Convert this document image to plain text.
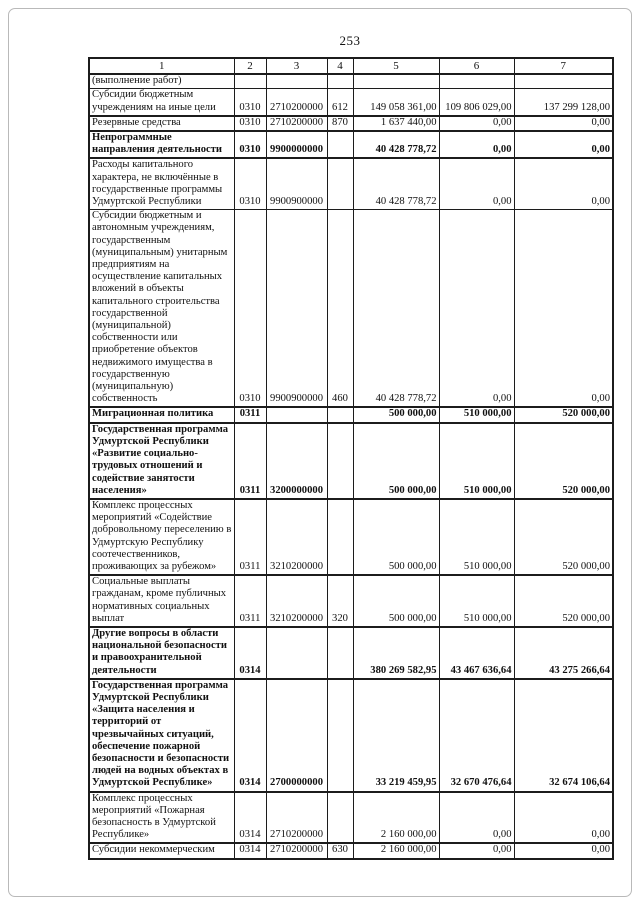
253
1	2	3	4	5	6	7
(выполнение работ)						
Субсидии бюджетным учреждениям на иные цели	0310	2710200000	612	149 058 361,00	109 806 029,00	137 299 128,00
Резервные средства	0310	2710200000	870	1 637 440,00	0,00	0,00
Непрограммные направления деятельности	0310	9900000000		40 428 778,72	0,00	0,00
Расходы капитального характера, не включённые в государственные программы Удмуртской Республики	0310	9900900000		40 428 778,72	0,00	0,00
Субсидии бюджетным и автономным учреждениям, государственным (муниципальным) унитарным предприятиям на осуществление капитальных вложений в объекты капитального строительства государственной (муниципальной) собственности или приобретение объектов недвижимого имущества в государственную (муниципальную) собственность	0310	9900900000	460	40 428 778,72	0,00	0,00
Миграционная политика	0311			500 000,00	510 000,00	520 000,00
Государственная программа Удмуртской Республики «Развитие социально-трудовых отношений и содействие занятости населения»	0311	3200000000		500 000,00	510 000,00	520 000,00
Комплекс процессных мероприятий «Содействие добровольному переселению в Удмуртскую Республику соотечественников, проживающих за рубежом»	0311	3210200000		500 000,00	510 000,00	520 000,00
Социальные выплаты гражданам, кроме публичных нормативных социальных выплат	0311	3210200000	320	500 000,00	510 000,00	520 000,00
Другие вопросы в области национальной безопасности и правоохранительной деятельности	0314			380 269 582,95	43 467 636,64	43 275 266,64
Государственная программа Удмуртской Республики «Защита населения и территорий от чрезвычайных ситуаций, обеспечение пожарной безопасности и безопасности людей на водных объектах в Удмуртской Республике»	0314	2700000000		33 219 459,95	32 670 476,64	32 674 106,64
Комплекс процессных мероприятий «Пожарная безопасность в Удмуртской Республике»	0314	2710200000		2 160 000,00	0,00	0,00
Субсидии некоммерческим	0314	2710200000	630	2 160 000,00	0,00	0,00
